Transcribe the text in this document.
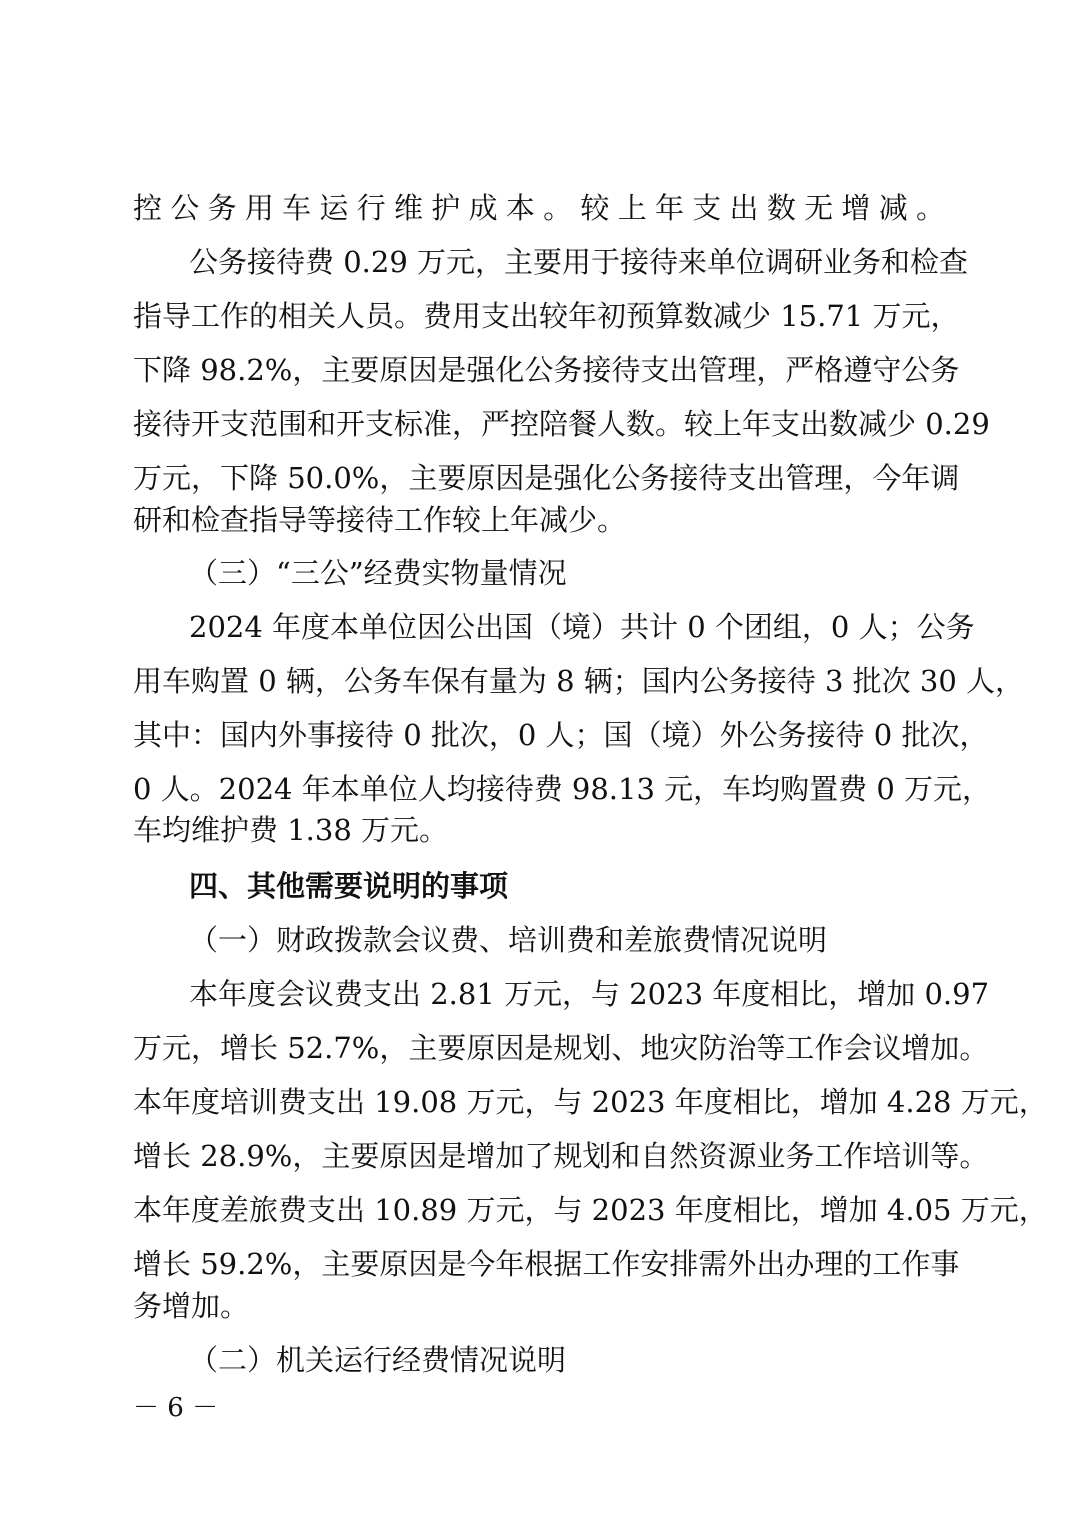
控公务用车运行维护成本。较上年支出数无增减。
公务接待费 0.29 万元，主要用于接待来单位调研业务和检查
指导工作的相关人员。费用支出较年初预算数减少 15.71 万元，
下降 98.2%，主要原因是强化公务接待支出管理，严格遵守公务
接待开支范围和开支标准，严控陪餐人数。较上年支出数减少 0.29
万元，下降 50.0%，主要原因是强化公务接待支出管理，今年调
研和检查指导等接待工作较上年减少。
（三）“三公”经费实物量情况
2024 年度本单位因公出国（境）共计 0 个团组，0 人；公务
用车购置 0 辆，公务车保有量为 8 辆；国内公务接待 3 批次 30 人，
其中：国内外事接待 0 批次，0 人；国（境）外公务接待 0 批次，
0 人。2024 年本单位人均接待费 98.13 元，车均购置费 0 万元，
车均维护费 1.38 万元。
四、其他需要说明的事项
（一）财政拨款会议费、培训费和差旅费情况说明
本年度会议费支出 2.81 万元，与 2023 年度相比，增加 0.97
万元，增长 52.7%，主要原因是规划、地灾防治等工作会议增加。
本年度培训费支出 19.08 万元，与 2023 年度相比，增加 4.28 万元，
增长 28.9%，主要原因是增加了规划和自然资源业务工作培训等。
本年度差旅费支出 10.89 万元，与 2023 年度相比，增加 4.05 万元，
增长 59.2%，主要原因是今年根据工作安排需外出办理的工作事
务增加。
（二）机关运行经费情况说明
－ 6 －
